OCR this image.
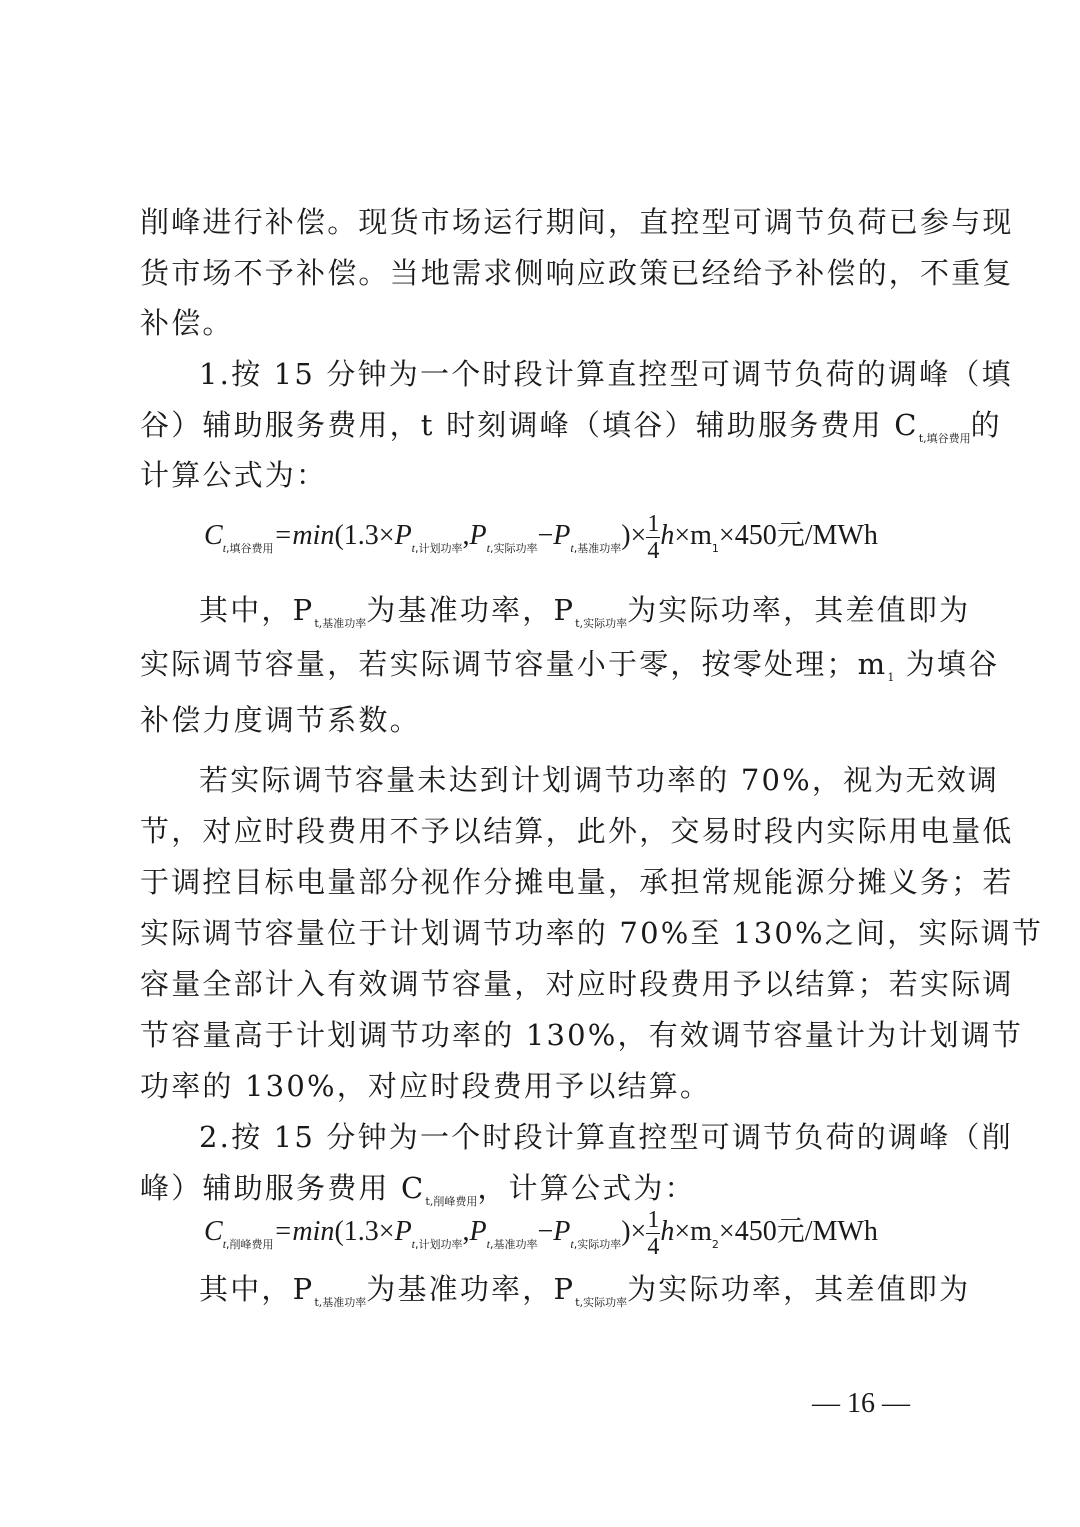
削峰进行补偿。现货市场运行期间，直控型可调节负荷已参与现
货市场不予补偿。当地需求侧响应政策已经给予补偿的，不重复
补偿。
1.按 15 分钟为一个时段计算直控型可调节负荷的调峰（填
谷）辅助服务费用，t 时刻调峰（填谷）辅助服务费用 $C_{t,填谷费用}$的
计算公式为：
$C_{t,填谷费用}=\min(1.3\times P_{t,计划功率},P_{t,实际功率}-P_{t,基准功率})\times \frac{1}{4} h\times m_1\times 450$元/MWh
其中，$P_{t,基准功率}$为基准功率，$P_{t,实际功率}$为实际功率，其差值即为
实际调节容量，若实际调节容量小于零，按零处理；$m_1$ 为填谷
补偿力度调节系数。
若实际调节容量未达到计划调节功率的 70%，视为无效调
节，对应时段费用不予以结算，此外，交易时段内实际用电量低
于调控目标电量部分视作分摊电量，承担常规能源分摊义务；若
实际调节容量位于计划调节功率的 70%至 130%之间，实际调节
容量全部计入有效调节容量，对应时段费用予以结算；若实际调
节容量高于计划调节功率的 130%，有效调节容量计为计划调节
功率的 130%，对应时段费用予以结算。
2.按 15 分钟为一个时段计算直控型可调节负荷的调峰（削
峰）辅助服务费用 $C_{t,削峰费用}$，计算公式为：
$C_{t,削峰费用}=\min(1.3\times P_{t,计划功率},P_{t,基准功率}-P_{t,实际功率})\times \frac{1}{4} h\times m_2\times 450$元/MWh
其中，$P_{t,基准功率}$为基准功率，$P_{t,实际功率}$为实际功率，其差值即为
— 16 —
